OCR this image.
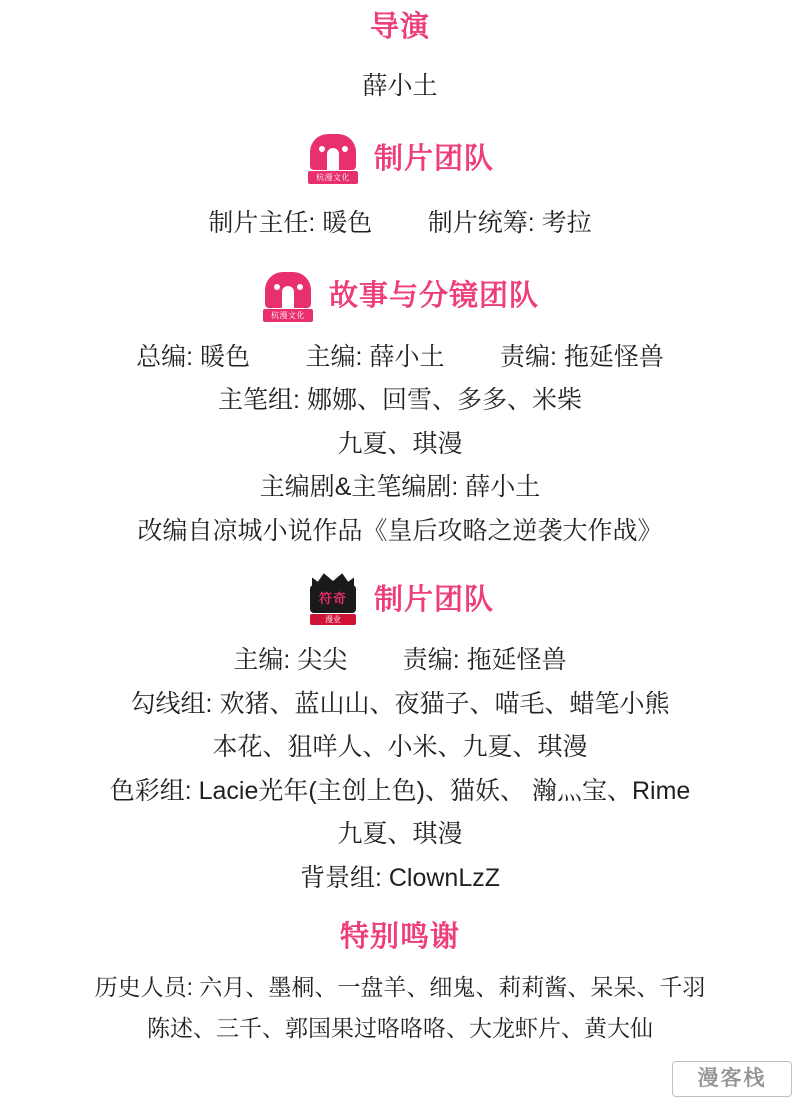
导演
薛小土
杭漫文化
制片团队
制片主任: 暖色        制片统筹: 考拉
杭漫文化
故事与分镜团队
总编: 暖色        主编: 薛小土        责编: 拖延怪兽
主笔组: 娜娜、回雪、多多、米柴
九夏、琪漫
主编剧&主笔编剧: 薛小土
改编自凉城小说作品《皇后攻略之逆袭大作战》
符奇
漫业
制片团队
主编: 尖尖        责编: 拖延怪兽
勾线组: 欢猪、蓝山山、夜猫子、喵毛、蜡笔小熊
本花、狙咩人、小米、九夏、琪漫
色彩组: Lacie光年(主创上色)、猫妖、 瀚灬宝、Rime
九夏、琪漫
背景组: ClownLzZ
特别鸣谢
历史人员: 六月、墨桐、一盘羊、细鬼、莉莉酱、呆呆、千羽
陈述、三千、郭国果过咯咯咯、大龙虾片、黄大仙
漫客栈
